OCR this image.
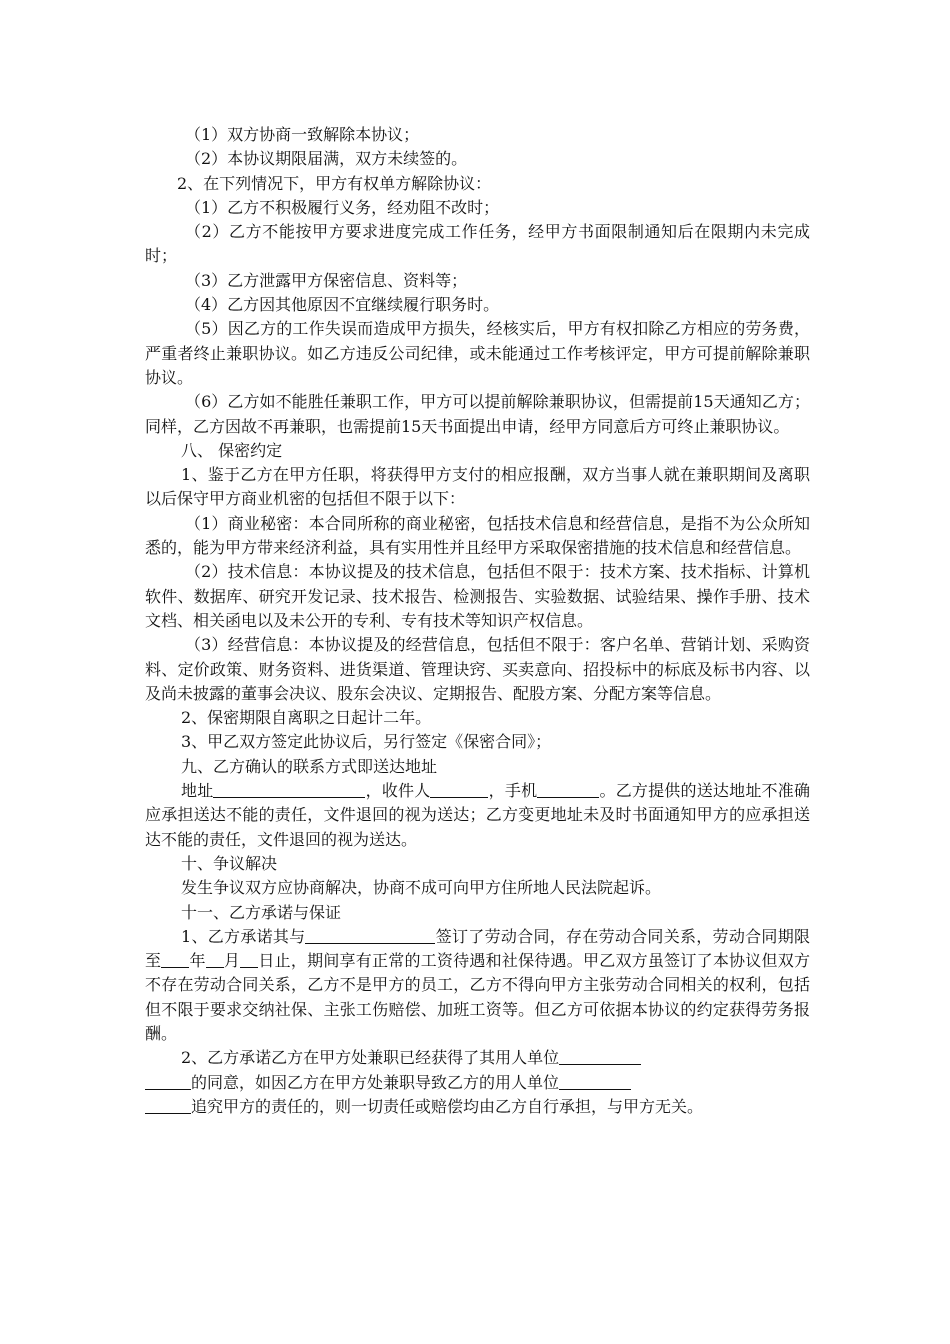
（1）双方协商一致解除本协议；

（2）本协议期限届满，双方未续签的。

2、在下列情况下，甲方有权单方解除协议：

（1）乙方不积极履行义务，经劝阻不改时；

（2）乙方不能按甲方要求进度完成工作任务，经甲方书面限制通知后在限期内未完成时；

（3）乙方泄露甲方保密信息、资料等；

（4）乙方因其他原因不宜继续履行职务时。

（5）因乙方的工作失误而造成甲方损失，经核实后，甲方有权扣除乙方相应的劳务费，严重者终止兼职协议。如乙方违反公司纪律，或未能通过工作考核评定，甲方可提前解除兼职协议。

（6）乙方如不能胜任兼职工作，甲方可以提前解除兼职协议，但需提前15天通知乙方；同样，乙方因故不再兼职，也需提前15天书面提出申请，经甲方同意后方可终止兼职协议。

八、 保密约定

1、鉴于乙方在甲方任职，将获得甲方支付的相应报酬，双方当事人就在兼职期间及离职以后保守甲方商业机密的包括但不限于以下：

（1）商业秘密：本合同所称的商业秘密，包括技术信息和经营信息，是指不为公众所知悉的，能为甲方带来经济利益，具有实用性并且经甲方采取保密措施的技术信息和经营信息。

（2）技术信息：本协议提及的技术信息，包括但不限于：技术方案、技术指标、计算机软件、数据库、研究开发记录、技术报告、检测报告、实验数据、试验结果、操作手册、技术文档、相关函电以及未公开的专利、专有技术等知识产权信息。

（3）经营信息：本协议提及的经营信息，包括但不限于：客户名单、营销计划、采购资料、定价政策、财务资料、进货渠道、管理诀窍、买卖意向、招投标中的标底及标书内容、以及尚未披露的董事会决议、股东会决议、定期报告、配股方案、分配方案等信息。

2、保密期限自离职之日起计二年。

3、甲乙双方签定此协议后，另行签定《保密合同》；

九、乙方确认的联系方式即送达地址

地址	，收件人	，手机	。乙方提供的送达地址不准确应承担送达不能的责任，文件退回的视为送达；乙方变更地址未及时书面通知甲方的应承担送达不能的责任，文件退回的视为送达。

十、争议解决

发生争议双方应协商解决，协商不成可向甲方住所地人民法院起诉。

十一、乙方承诺与保证

1、乙方承诺其与	签订了劳动合同，存在劳动合同关系，劳动合同期限至 年 月 日止，期间享有正常的工资待遇和社保待遇。甲乙双方虽签订了本协议但双方不存在劳动合同关系，乙方不是甲方的员工，乙方不得向甲方主张劳动合同相关的权利，包括但不限于要求交纳社保、主张工伤赔偿、加班工资等。但乙方可依据本协议的约定获得劳务报酬。

2、乙方承诺乙方在甲方处兼职已经获得了其用人单位
的同意，如因乙方在甲方处兼职导致乙方的用人单位
追究甲方的责任的，则一切责任或赔偿均由乙方自行承担，与甲方无关。
